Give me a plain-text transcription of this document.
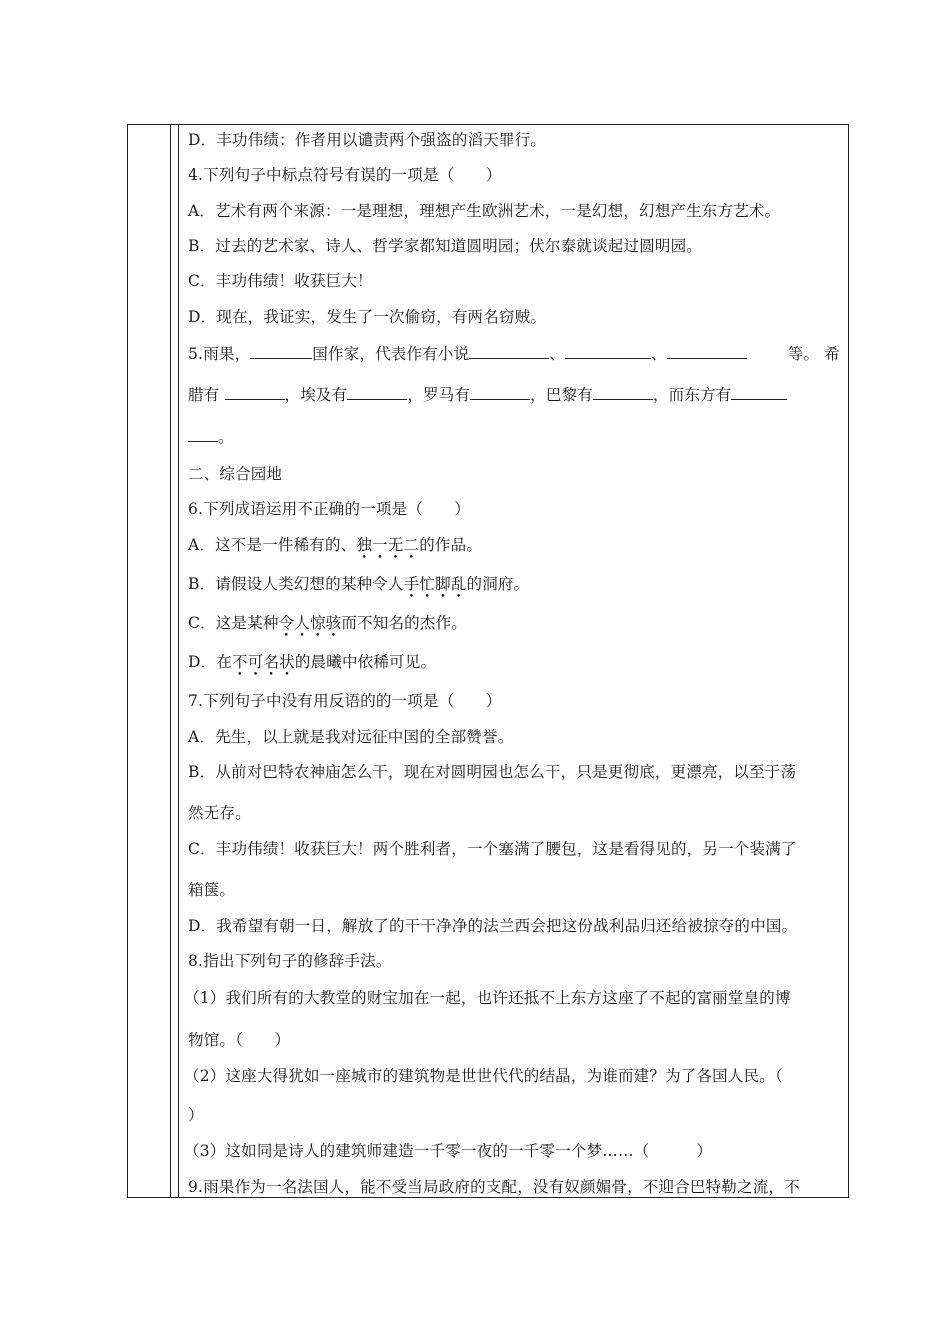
D．丰功伟绩：作者用以谴责两个强盗的滔天罪行。
4.下列句子中标点符号有误的一项是（　　）
A．艺术有两个来源：一是理想，理想产生欧洲艺术，一是幻想，幻想产生东方艺术。
B．过去的艺术家、诗人、哲学家都知道圆明园；伏尔泰就谈起过圆明园。
C．丰功伟绩！收获巨大！
D．现在，我证实，发生了一次偷窃，有两名窃贼。
5.雨果，	国作家，代表作有小说	、	、	等。 希
腊有	，埃及有	，罗马有	，巴黎有	，而东方有
。
二、综合园地
6.下列成语运用不正确的一项是（　　）
A．这不是一件稀有的、独一无二的作品。
B．请假设人类幻想的某种令人手忙脚乱的洞府。
C．这是某种令人惊骇而不知名的杰作。
D．在不可名状的晨曦中依稀可见。
7.下列句子中没有用反语的的一项是（　　）
A．先生，以上就是我对远征中国的全部赞誉。
B．从前对巴特农神庙怎么干，现在对圆明园也怎么干，只是更彻底，更漂亮，以至于荡
然无存。
C．丰功伟绩！收获巨大！两个胜利者，一个塞满了腰包，这是看得见的，另一个装满了
箱箧。
D．我希望有朝一日，解放了的干干净净的法兰西会把这份战利品归还给被掠夺的中国。
8.指出下列句子的修辞手法。
（1）我们所有的大教堂的财宝加在一起，也许还抵不上东方这座了不起的富丽堂皇的博
物馆。（　　）
（2）这座大得犹如一座城市的建筑物是世世代代的结晶，为谁而建？为了各国人民。（
）
（3）这如同是诗人的建筑师建造一千零一夜的一千零一个梦……（　　　）
9.雨果作为一名法国人，能不受当局政府的支配，没有奴颜媚骨，不迎合巴特勒之流，不
